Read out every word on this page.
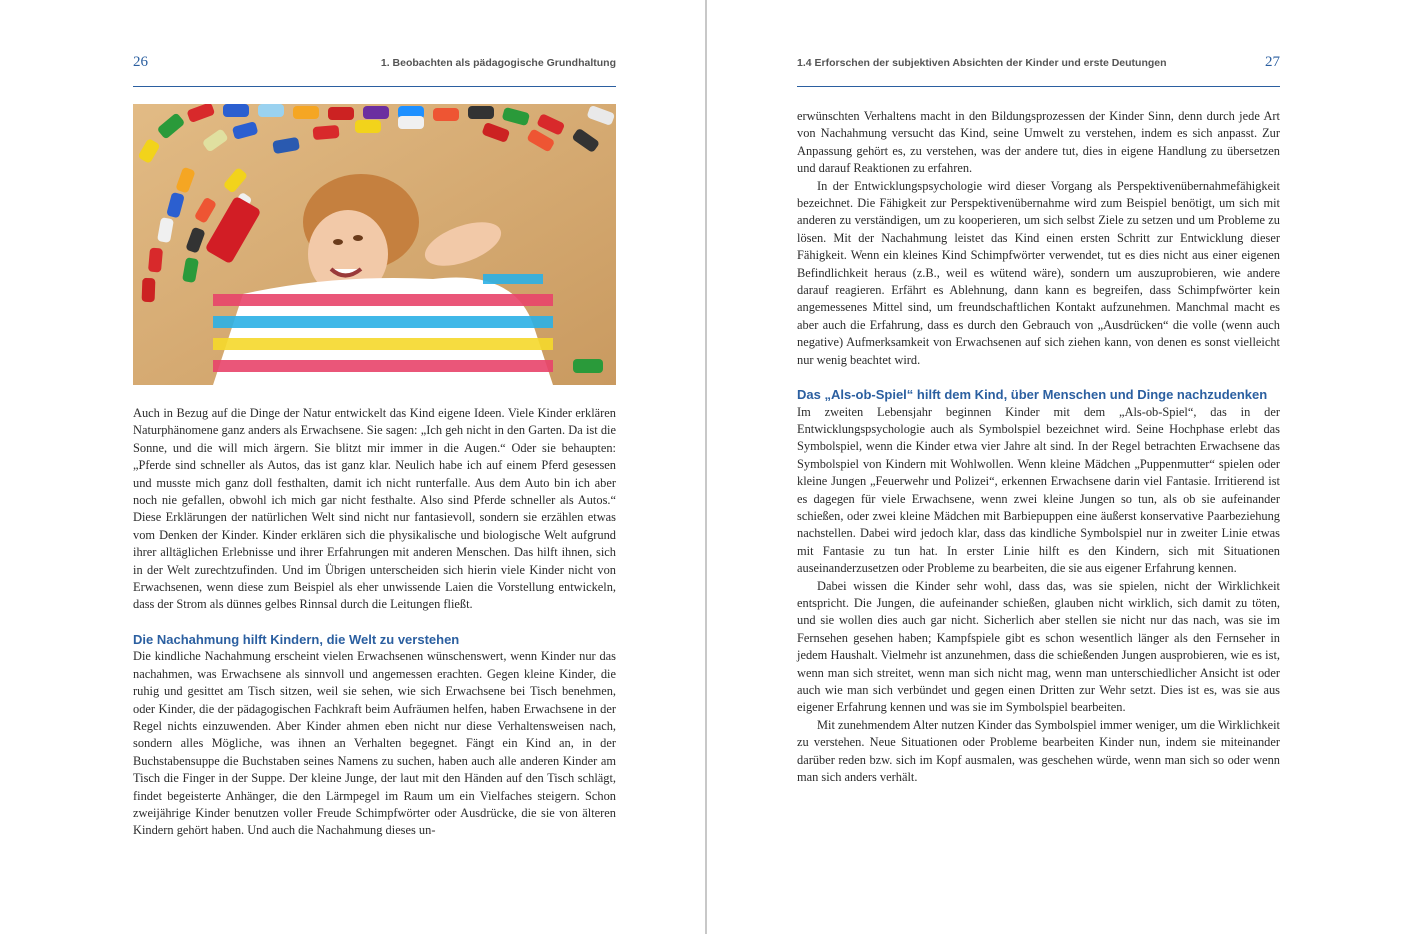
26	1. Beobachten als pädagogische Grundhaltung

Auch in Bezug auf die Dinge der Natur entwickelt das Kind eigene Ideen. Viele Kinder erklären Naturphänomene ganz anders als Erwachsene. Sie sagen: „Ich geh nicht in den Garten. Da ist die Sonne, und die will mich ärgern. Sie blitzt mir immer in die Augen.“ Oder sie behaupten: „Pferde sind schneller als Autos, das ist ganz klar. Neulich habe ich auf einem Pferd gesessen und musste mich ganz doll festhalten, damit ich nicht runterfalle. Aus dem Auto bin ich aber noch nie gefallen, obwohl ich mich gar nicht festhalte. Also sind Pferde schneller als Autos.“ Diese Erklärungen der natürlichen Welt sind nicht nur fantasievoll, sondern sie erzählen etwas vom Denken der Kinder. Kinder erklären sich die physikalische und biologische Welt aufgrund ihrer alltäglichen Erlebnisse und ihrer Erfahrungen mit anderen Menschen. Das hilft ihnen, sich in der Welt zurechtzufinden. Und im Übrigen unterscheiden sich hierin viele Kinder nicht von Erwachsenen, wenn diese zum Beispiel als eher unwissende Laien die Vorstellung entwickeln, dass der Strom als dünnes gelbes Rinnsal durch die Leitungen fließt.

Die Nachahmung hilft Kindern, die Welt zu verstehen

Die kindliche Nachahmung erscheint vielen Erwachsenen wünschenswert, wenn Kinder nur das nachahmen, was Erwachsene als sinnvoll und angemessen erachten. Gegen kleine Kinder, die ruhig und gesittet am Tisch sitzen, weil sie sehen, wie sich Erwachsene bei Tisch benehmen, oder Kinder, die der pädagogischen Fachkraft beim Aufräumen helfen, haben Erwachsene in der Regel nichts einzuwenden. Aber Kinder ahmen eben nicht nur diese Verhaltensweisen nach, sondern alles Mögliche, was ihnen an Verhalten begegnet. Fängt ein Kind an, in der Buchstabensuppe die Buchstaben seines Namens zu suchen, haben auch alle anderen Kinder am Tisch die Finger in der Suppe. Der kleine Junge, der laut mit den Händen auf den Tisch schlägt, findet begeisterte Anhänger, die den Lärmpegel im Raum um ein Vielfaches steigern. Schon zweijährige Kinder benutzen voller Freude Schimpfwörter oder Ausdrücke, die sie von älteren Kindern gehört haben. Und auch die Nachahmung dieses un-

1.4 Erforschen der subjektiven Absichten der Kinder und erste Deutungen	27

erwünschten Verhaltens macht in den Bildungsprozessen der Kinder Sinn, denn durch jede Art von Nachahmung versucht das Kind, seine Umwelt zu verstehen, indem es sich anpasst. Zur Anpassung gehört es, zu verstehen, was der andere tut, dies in eigene Handlung zu übersetzen und darauf Reaktionen zu erfahren.

In der Entwicklungspsychologie wird dieser Vorgang als Perspektivenübernahmefähigkeit bezeichnet. Die Fähigkeit zur Perspektivenübernahme wird zum Beispiel benötigt, um sich mit anderen zu verständigen, um zu kooperieren, um sich selbst Ziele zu setzen und um Probleme zu lösen. Mit der Nachahmung leistet das Kind einen ersten Schritt zur Entwicklung dieser Fähigkeit. Wenn ein kleines Kind Schimpfwörter verwendet, tut es dies nicht aus einer eigenen Befindlichkeit heraus (z.B., weil es wütend wäre), sondern um auszuprobieren, wie andere darauf reagieren. Erfährt es Ablehnung, dann kann es begreifen, dass Schimpfwörter kein angemessenes Mittel sind, um freundschaftlichen Kontakt aufzunehmen. Manchmal macht es aber auch die Erfahrung, dass es durch den Gebrauch von „Ausdrücken“ die volle (wenn auch negative) Aufmerksamkeit von Erwachsenen auf sich ziehen kann, von denen es sonst vielleicht nur wenig beachtet wird.

Das „Als-ob-Spiel“ hilft dem Kind, über Menschen und Dinge nachzudenken

Im zweiten Lebensjahr beginnen Kinder mit dem „Als-ob-Spiel“, das in der Entwicklungspsychologie auch als Symbolspiel bezeichnet wird. Seine Hochphase erlebt das Symbolspiel, wenn die Kinder etwa vier Jahre alt sind. In der Regel betrachten Erwachsene das Symbolspiel von Kindern mit Wohlwollen. Wenn kleine Mädchen „Puppenmutter“ spielen oder kleine Jungen „Feuerwehr und Polizei“, erkennen Erwachsene darin viel Fantasie. Irritierend ist es dagegen für viele Erwachsene, wenn zwei kleine Jungen so tun, als ob sie aufeinander schießen, oder zwei kleine Mädchen mit Barbiepuppen eine äußerst konservative Paarbeziehung nachstellen. Dabei wird jedoch klar, dass das kindliche Symbolspiel nur in zweiter Linie etwas mit Fantasie zu tun hat. In erster Linie hilft es den Kindern, sich mit Situationen auseinanderzusetzen oder Probleme zu bearbeiten, die sie aus eigener Erfahrung kennen.

Dabei wissen die Kinder sehr wohl, dass das, was sie spielen, nicht der Wirklichkeit entspricht. Die Jungen, die aufeinander schießen, glauben nicht wirklich, sich damit zu töten, und sie wollen dies auch gar nicht. Sicherlich aber stellen sie nicht nur das nach, was sie im Fernsehen gesehen haben; Kampfspiele gibt es schon wesentlich länger als den Fernseher in jedem Haushalt. Vielmehr ist anzunehmen, dass die schießenden Jungen ausprobieren, wie es ist, wenn man sich streitet, wenn man sich nicht mag, wenn man unterschiedlicher Ansicht ist oder auch wie man sich verbündet und gegen einen Dritten zur Wehr setzt. Dies ist es, was sie aus eigener Erfahrung kennen und was sie im Symbolspiel bearbeiten.

Mit zunehmendem Alter nutzen Kinder das Symbolspiel immer weniger, um die Wirklichkeit zu verstehen. Neue Situationen oder Probleme bearbeiten Kinder nun, indem sie miteinander darüber reden bzw. sich im Kopf ausmalen, was geschehen würde, wenn man sich so oder wenn man sich anders verhält.
